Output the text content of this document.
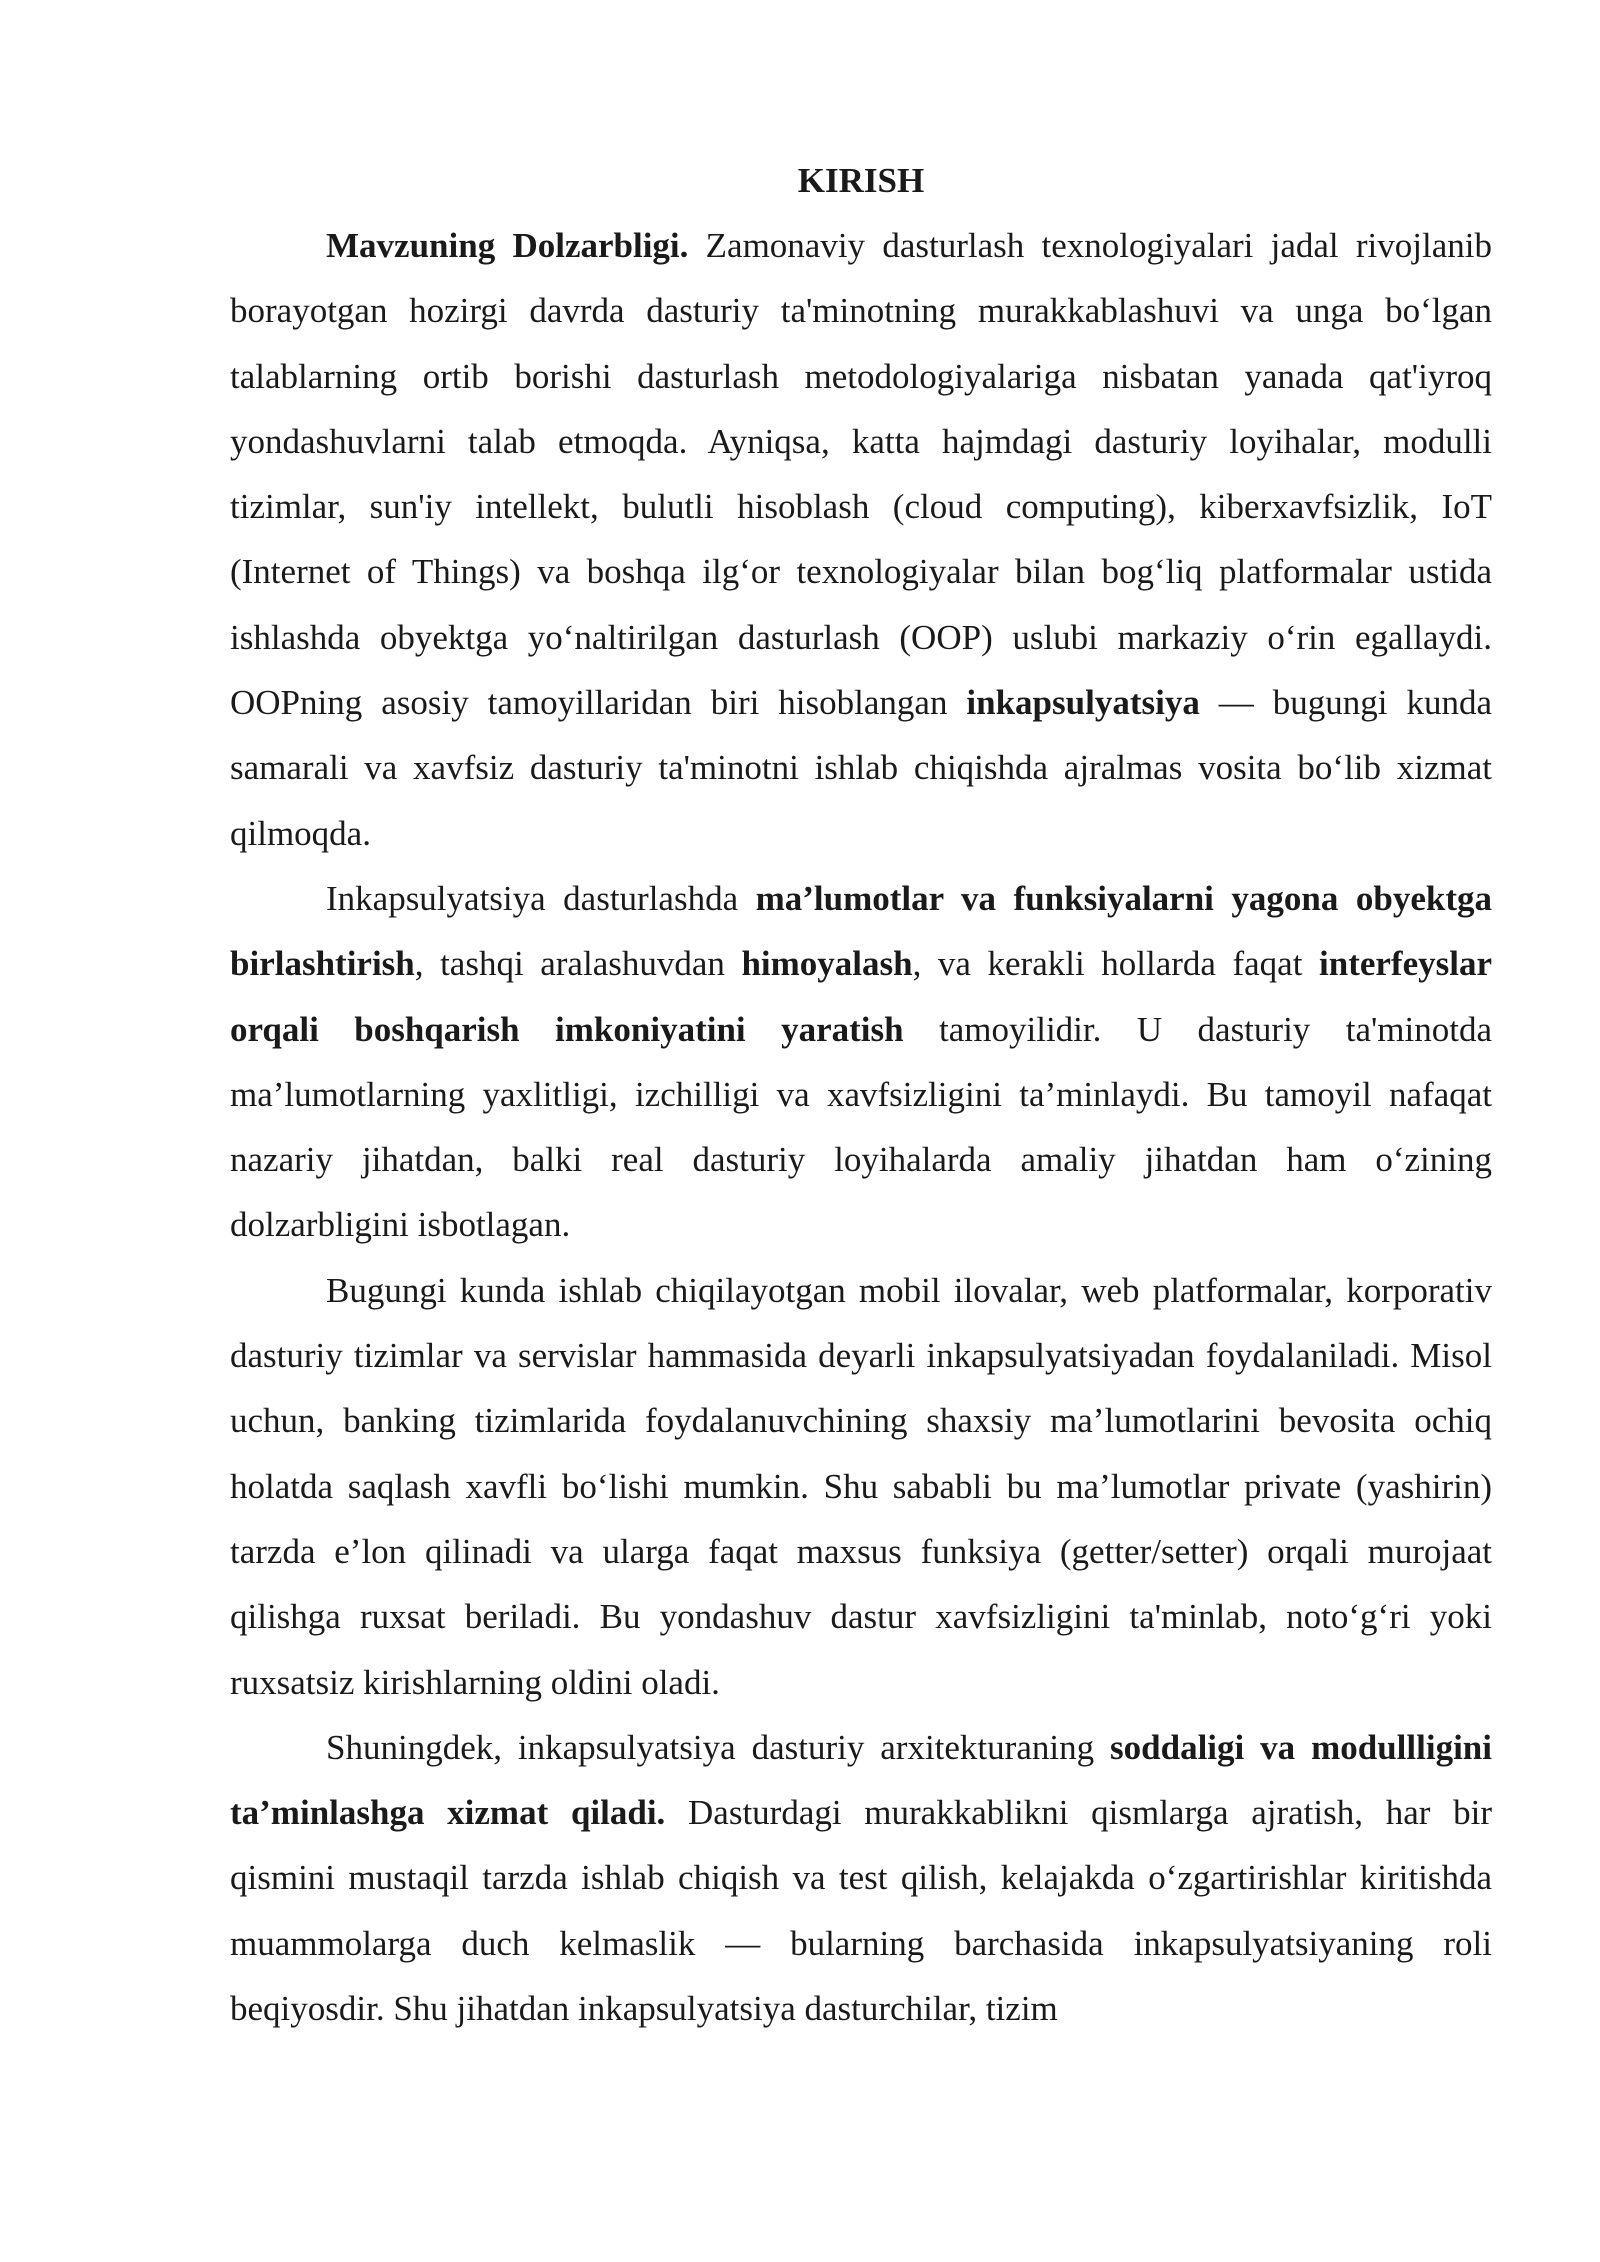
KIRISH

Mavzuning Dolzarbligi. Zamonaviy dasturlash texnologiyalari jadal rivojlanib borayotgan hozirgi davrda dasturiy ta'minotning murakkablashuvi va unga bo‘lgan talablarning ortib borishi dasturlash metodologiyalariga nisbatan yanada qat'iyroq yondashuvlarni talab etmoqda. Ayniqsa, katta hajmdagi dasturiy loyihalar, modulli tizimlar, sun'iy intellekt, bulutli hisoblash (cloud computing), kiberxavfsizlik, IoT (Internet of Things) va boshqa ilg‘or texnologiyalar bilan bog‘liq platformalar ustida ishlashda obyektga yo‘naltirilgan dasturlash (OOP) uslubi markaziy o‘rin egallaydi. OOPning asosiy tamoyillaridan biri hisoblangan inkapsulyatsiya — bugungi kunda samarali va xavfsiz dasturiy ta'minotni ishlab chiqishda ajralmas vosita bo‘lib xizmat qilmoqda.

Inkapsulyatsiya dasturlashda ma’lumotlar va funksiyalarni yagona obyektga birlashtirish, tashqi aralashuvdan himoyalash, va kerakli hollarda faqat interfeyslar orqali boshqarish imkoniyatini yaratish tamoyilidir. U dasturiy ta'minotda ma’lumotlarning yaxlitligi, izchilligi va xavfsizligini ta’minlaydi. Bu tamoyil nafaqat nazariy jihatdan, balki real dasturiy loyihalarda amaliy jihatdan ham o‘zining dolzarbligini isbotlagan.

Bugungi kunda ishlab chiqilayotgan mobil ilovalar, web platformalar, korporativ dasturiy tizimlar va servislar hammasida deyarli inkapsulyatsiyadan foydalaniladi. Misol uchun, banking tizimlarida foydalanuvchining shaxsiy ma’lumotlarini bevosita ochiq holatda saqlash xavfli bo‘lishi mumkin. Shu sababli bu ma’lumotlar private (yashirin) tarzda e’lon qilinadi va ularga faqat maxsus funksiya (getter/setter) orqali murojaat qilishga ruxsat beriladi. Bu yondashuv dastur xavfsizligini ta'minlab, noto‘g‘ri yoki ruxsatsiz kirishlarning oldini oladi.

Shuningdek, inkapsulyatsiya dasturiy arxitekturaning soddaligi va modullligini ta’minlashga xizmat qiladi. Dasturdagi murakkablikni qismlarga ajratish, har bir qismini mustaqil tarzda ishlab chiqish va test qilish, kelajakda o‘zgartirishlar kiritishda muammolarga duch kelmaslik — bularning barchasida inkapsulyatsiyaning roli beqiyosdir. Shu jihatdan inkapsulyatsiya dasturchilar, tizim
